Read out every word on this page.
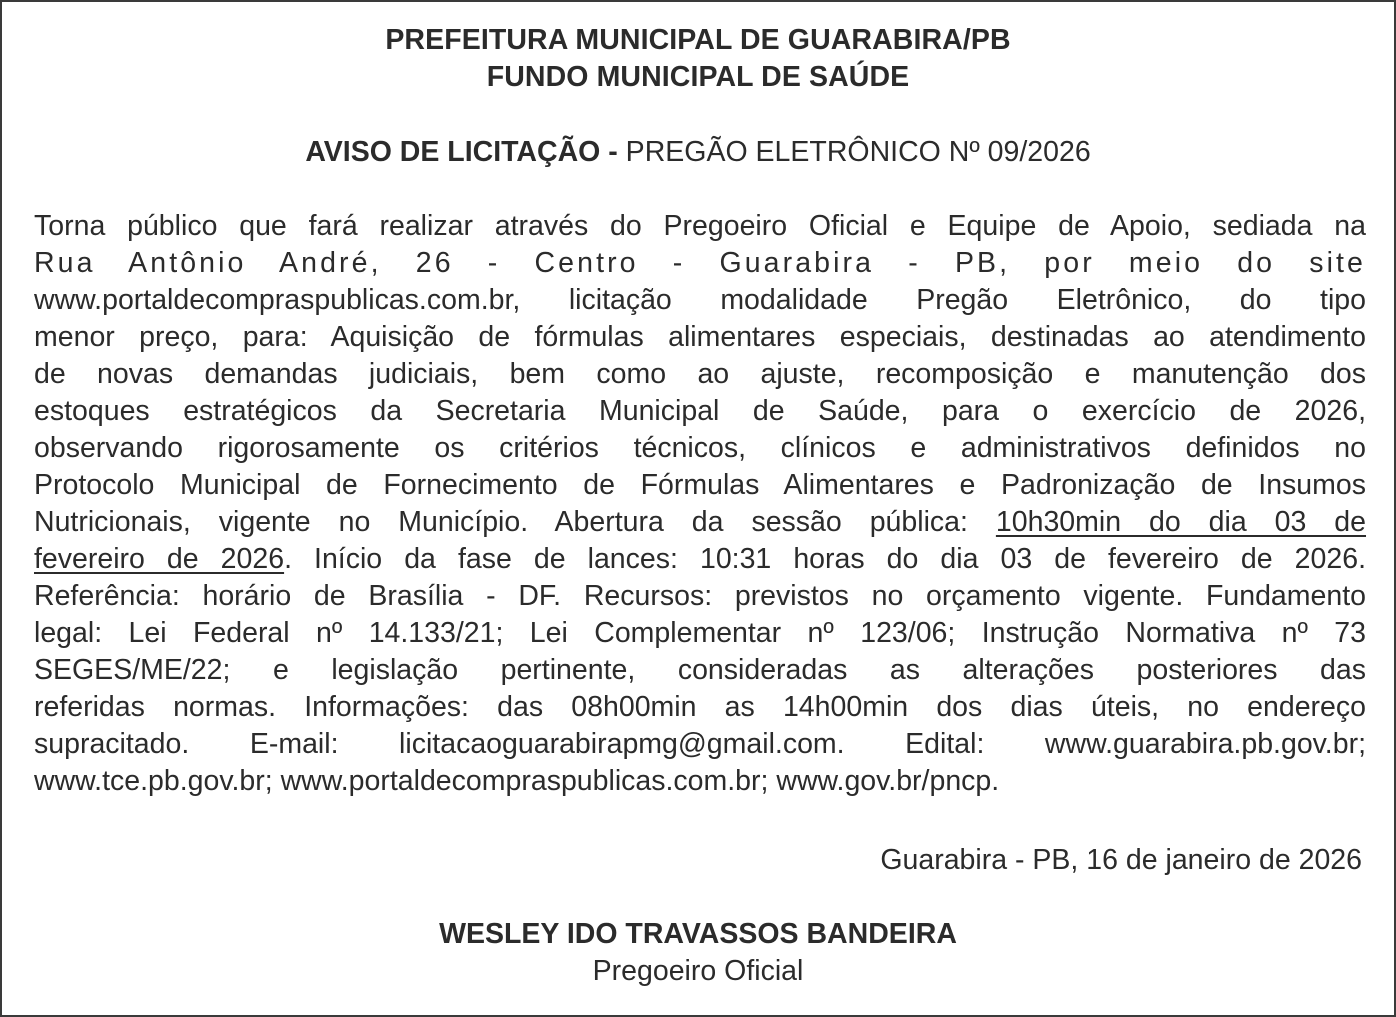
PREFEITURA MUNICIPAL DE GUARABIRA/PB
FUNDO MUNICIPAL DE SAÚDE
AVISO DE LICITAÇÃO - PREGÃO ELETRÔNICO Nº 09/2026
Torna público que fará realizar através do Pregoeiro Oficial e Equipe de Apoio, sediada na
Rua Antônio André, 26 - Centro - Guarabira - PB, por meio do site
www.portaldecompraspublicas.com.br, licitação modalidade Pregão Eletrônico, do tipo
menor preço, para: Aquisição de fórmulas alimentares especiais, destinadas ao atendimento
de novas demandas judiciais, bem como ao ajuste, recomposição e manutenção dos
estoques estratégicos da Secretaria Municipal de Saúde, para o exercício de 2026,
observando rigorosamente os critérios técnicos, clínicos e administrativos definidos no
Protocolo Municipal de Fornecimento de Fórmulas Alimentares e Padronização de Insumos
Nutricionais, vigente no Município. Abertura da sessão pública: 10h30min do dia 03 de
fevereiro de 2026. Início da fase de lances: 10:31 horas do dia 03 de fevereiro de 2026.
Referência: horário de Brasília - DF. Recursos: previstos no orçamento vigente. Fundamento
legal: Lei Federal nº 14.133/21; Lei Complementar nº 123/06; Instrução Normativa nº 73
SEGES/ME/22; e legislação pertinente, consideradas as alterações posteriores das
referidas normas. Informações: das 08h00min as 14h00min dos dias úteis, no endereço
supracitado. E-mail: licitacaoguarabirapmg@gmail.com. Edital: www.guarabira.pb.gov.br;
www.tce.pb.gov.br; www.portaldecompraspublicas.com.br; www.gov.br/pncp.
Guarabira - PB, 16 de janeiro de 2026
WESLEY IDO TRAVASSOS BANDEIRA
Pregoeiro Oficial
